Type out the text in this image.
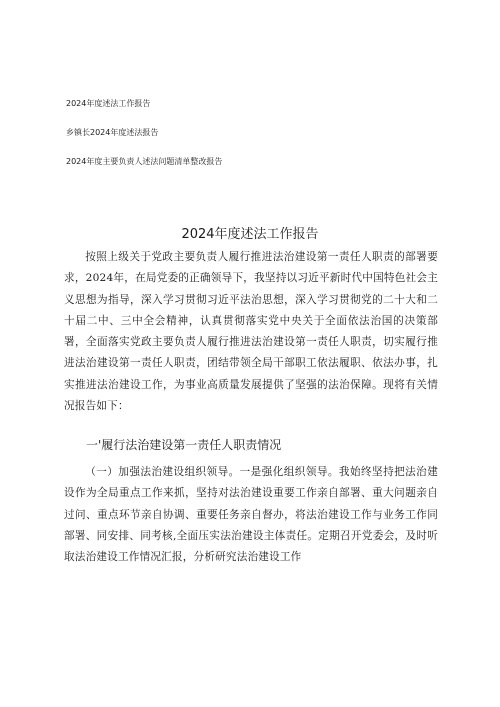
2024年度述法工作报告
乡镇长2024年度述法报告
2024年度主要负责人述法问题清单整改报告
2024年度述法工作报告

按照上级关于党政主要负责人履行推进法治建设第一责任人职责的部署要求，2024年，在局党委的正确领导下，我坚持以习近平新时代中国特色社会主义思想为指导，深入学习贯彻习近平法治思想，深入学习贯彻党的二十大和二十届二中、三中全会精神，认真贯彻落实党中央关于全面依法治国的决策部署，全面落实党政主要负责人履行推进法治建设第一责任人职责，切实履行推进法治建设第一责任人职责，团结带领全局干部职工依法履职、依法办事，扎实推进法治建设工作，为事业高质量发展提供了坚强的法治保障。现将有关情况报告如下：

一'履行法治建设第一责任人职责情况

（一）加强法治建设组织领导。一是强化组织领导。我始终坚持把法治建设作为全局重点工作来抓，坚持对法治建设重要工作亲自部署、重大问题亲自过问、重点环节亲自协调、重要任务亲自督办，将法治建设工作与业务工作同部署、同安排、同考核,全面压实法治建设主体责任。定期召开党委会，及时听取法治建设工作情况汇报，分析研究法治建设工作
